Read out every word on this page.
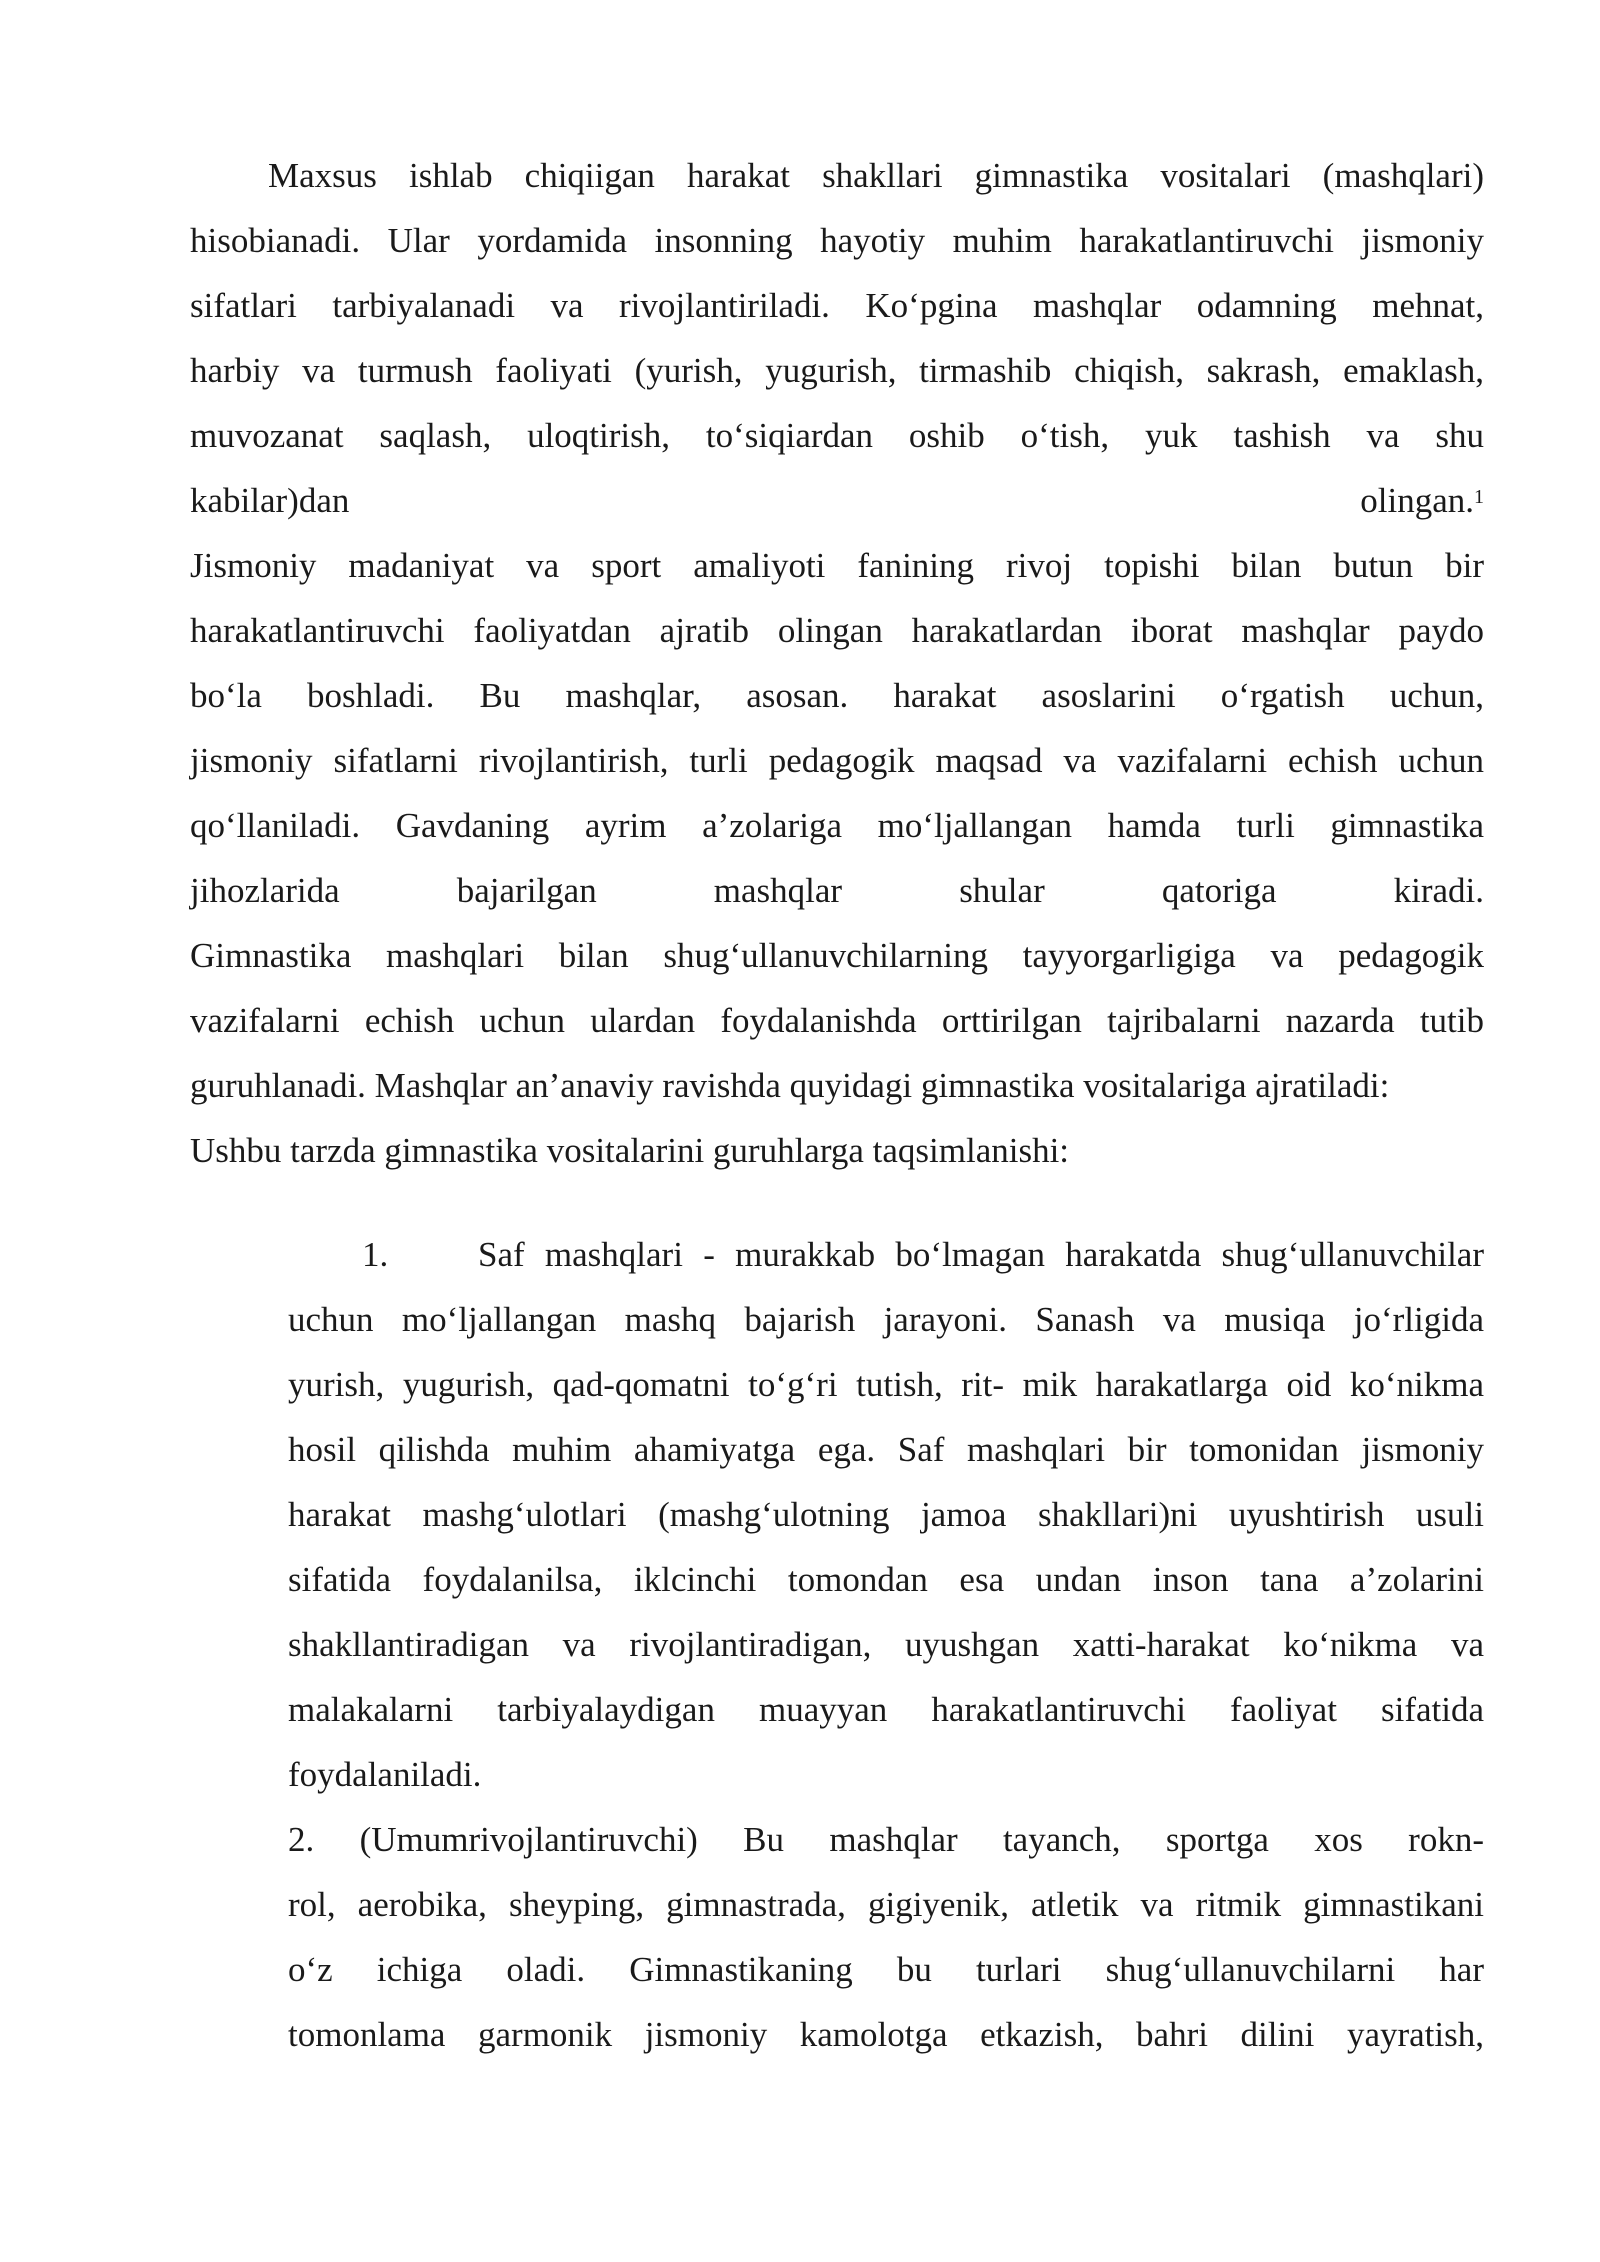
Maxsus ishlab chiqiigan harakat shakllari gimnastika vositalari (mashqlari)
hisobianadi. Ular yordamida insonning hayotiy muhim harakatlantiruvchi jismoniy
sifatlari tarbiyalanadi va rivojlantiriladi. Ko‘pgina mashqlar odamning mehnat,
harbiy va turmush faoliyati (yurish, yugurish, tirmashib chiqish, sakrash, emaklash,
muvozanat saqlash, uloqtirish, to‘siqiardan oshib o‘tish, yuk tashish va shu
kabilar)dan	olingan.$^1$
Jismoniy madaniyat va sport amaliyoti fanining rivoj topishi bilan butun bir
harakatlantiruvchi faoliyatdan ajratib olingan harakatlardan iborat mashqlar paydo
bo‘la boshladi. Bu mashqlar, asosan. harakat asoslarini o‘rgatish uchun,
jismoniy sifatlarni rivojlantirish, turli pedagogik maqsad va vazifalarni echish uchun
qo‘llaniladi. Gavdaning ayrim a’zolariga mo‘ljallangan hamda turli gimnastika
jihozlarida bajarilgan mashqlar shular qatoriga kiradi.
Gimnastika mashqlari bilan shug‘ullanuvchilarning tayyorgarligiga va pedagogik
vazifalarni echish uchun ulardan foydalanishda orttirilgan tajribalarni nazarda tutib
guruhlanadi. Mashqlar an’anaviy ravishda quyidagi gimnastika vositalariga ajratiladi:
Ushbu tarzda gimnastika vositalarini guruhlarga taqsimlanishi:
1.	Saf mashqlari - murakkab bo‘lmagan harakatda shug‘ullanuvchilar
uchun mo‘ljallangan mashq bajarish jarayoni. Sanash va musiqa jo‘rligida
yurish, yugurish, qad-qomatni to‘g‘ri tutish, rit- mik harakatlarga oid ko‘nikma
hosil qilishda muhim ahamiyatga ega. Saf mashqlari bir tomonidan jismoniy
harakat mashg‘ulotlari (mashg‘ulotning jamoa shakllari)ni uyushtirish usuli
sifatida foydalanilsa, iklcinchi tomondan esa undan inson tana a’zolarini
shakllantiradigan va rivojlantiradigan, uyushgan xatti-harakat ko‘nikma va
malakalarni tarbiyalaydigan muayyan harakatlantiruvchi faoliyat sifatida
foydalaniladi.
2. (Umumrivojlantiruvchi) Bu mashqlar tayanch, sportga xos rokn-
rol, aerobika, sheyping, gimnastrada, gigiyenik, atletik va ritmik gimnastikani
o‘z ichiga oladi. Gimnastikaning bu turlari shug‘ullanuvchilarni har
tomonlama garmonik jismoniy kamolotga etkazish, bahri dilini yayratish,
